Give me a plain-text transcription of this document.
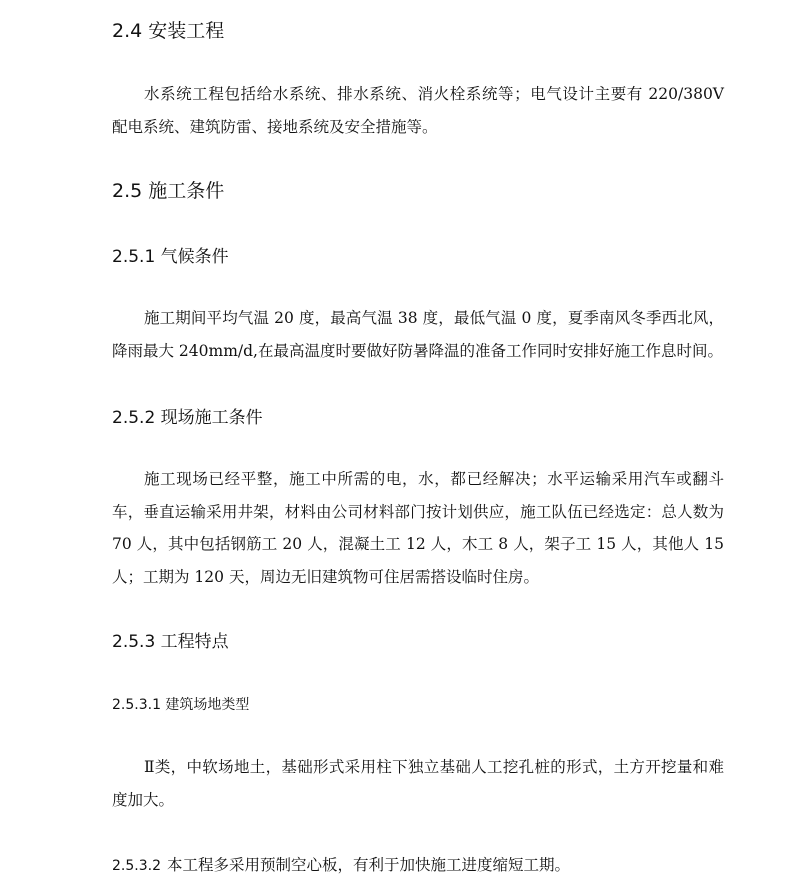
2.4 安装工程

水系统工程包括给水系统、排水系统、消火栓系统等；电气设计主要有 220/380V 配电系统、建筑防雷、接地系统及安全措施等。

2.5 施工条件
2.5.1 气候条件

施工期间平均气温 20 度，最高气温 38 度，最低气温 0 度，夏季南风冬季西北风，降雨最大 240mm/d,在最高温度时要做好防暑降温的准备工作同时安排好施工作息时间。

2.5.2 现场施工条件

施工现场已经平整，施工中所需的电，水，都已经解决；水平运输采用汽车或翻斗车，垂直运输采用井架，材料由公司材料部门按计划供应，施工队伍已经选定：总人数为 70 人，其中包括钢筋工 20 人，混凝土工 12 人，木工 8 人，架子工 15 人，其他人 15 人；工期为 120 天，周边无旧建筑物可住居需搭设临时住房。

2.5.3 工程特点
2.5.3.1 建筑场地类型

Ⅱ类，中软场地土，基础形式采用柱下独立基础人工挖孔桩的形式，土方开挖量和难度加大。

2.5.3.2 本工程多采用预制空心板，有利于加快施工进度缩短工期。
